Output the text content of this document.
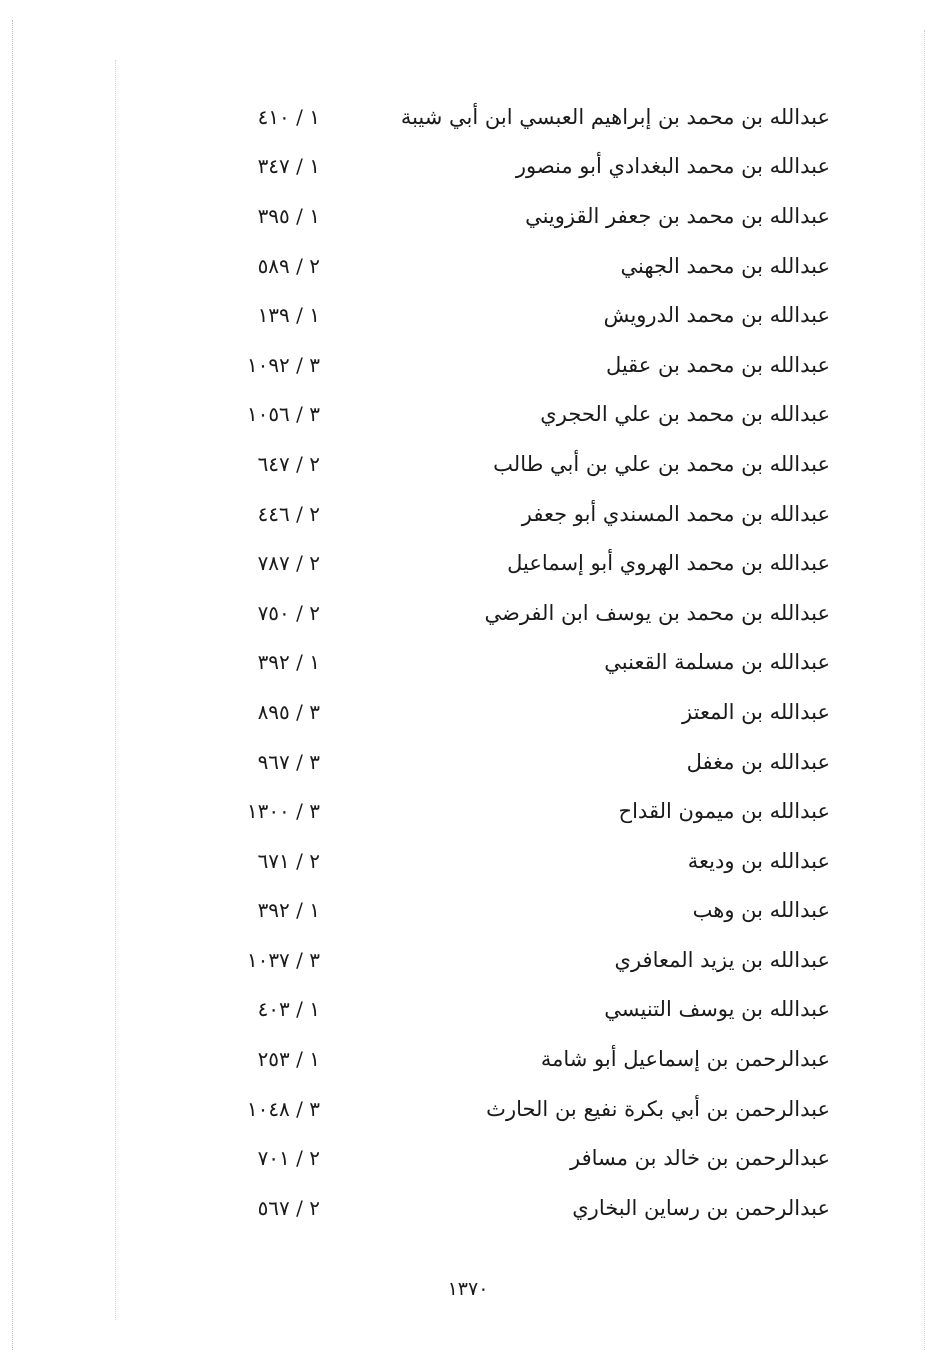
١ / ٤١٠	عبدالله بن محمد بن إبراهيم العبسي ابن أبي شيبة
١ / ٣٤٧	عبدالله بن محمد البغدادي أبو منصور
١ / ٣٩٥	عبدالله بن محمد بن جعفر القزويني
٢ / ٥٨٩	عبدالله بن محمد الجهني
١ / ١٣٩	عبدالله بن محمد الدرويش
٣ / ١٠٩٢	عبدالله بن محمد بن عقيل
٣ / ١٠٥٦	عبدالله بن محمد بن علي الحجري
٢ / ٦٤٧	عبدالله بن محمد بن علي بن أبي طالب
٢ / ٤٤٦	عبدالله بن محمد المسندي أبو جعفر
٢ / ٧٨٧	عبدالله بن محمد الهروي أبو إسماعيل
٢ / ٧٥٠	عبدالله بن محمد بن يوسف ابن الفرضي
١ / ٣٩٢	عبدالله بن مسلمة القعنبي
٣ / ٨٩٥	عبدالله بن المعتز
٣ / ٩٦٧	عبدالله بن مغفل
٣ / ١٣٠٠	عبدالله بن ميمون القداح
٢ / ٦٧١	عبدالله بن وديعة
١ / ٣٩٢	عبدالله بن وهب
٣ / ١٠٣٧	عبدالله بن يزيد المعافري
١ / ٤٠٣	عبدالله بن يوسف التنيسي
١ / ٢٥٣	عبدالرحمن بن إسماعيل أبو شامة
٣ / ١٠٤٨	عبدالرحمن بن أبي بكرة نفيع بن الحارث
٢ / ٧٠١	عبدالرحمن بن خالد بن مسافر
٢ / ٥٦٧	عبدالرحمن بن رساين البخاري
١٣٧٠
